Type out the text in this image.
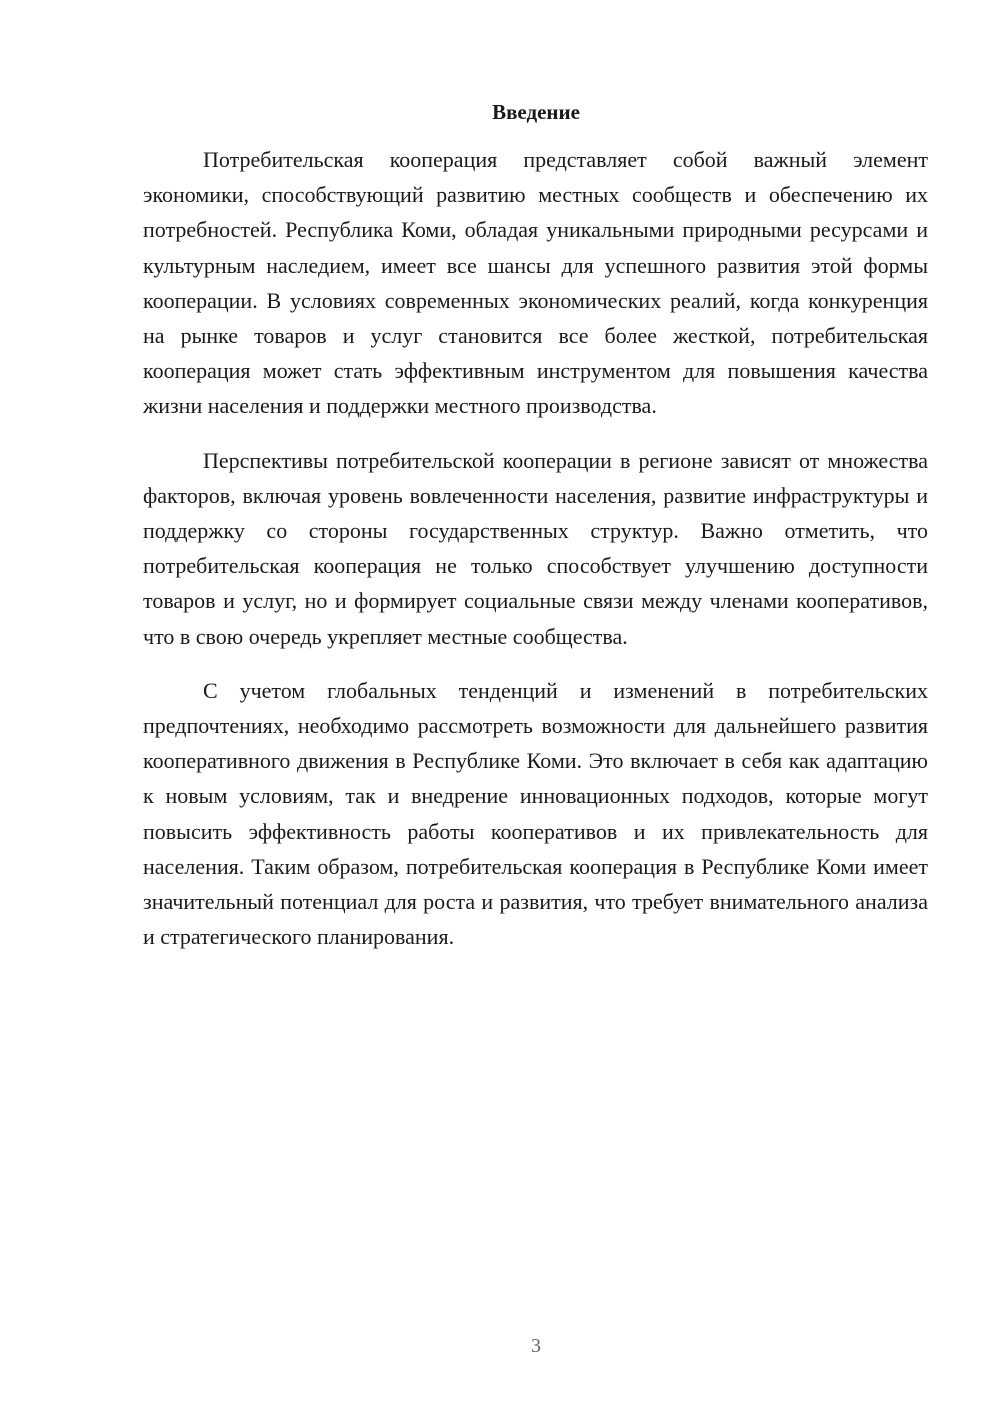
Введение

Потребительская кооперация представляет собой важный элемент экономики, способствующий развитию местных сообществ и обеспечению их потребностей. Республика Коми, обладая уникальными природными ресурсами и культурным наследием, имеет все шансы для успешного развития этой формы кооперации. В условиях современных экономических реалий, когда конкуренция на рынке товаров и услуг становится все более жесткой, потребительская кооперация может стать эффективным инструментом для повышения качества жизни населения и поддержки местного производства.

Перспективы потребительской кооперации в регионе зависят от множества факторов, включая уровень вовлеченности населения, развитие инфраструктуры и поддержку со стороны государственных структур. Важно отметить, что потребительская кооперация не только способствует улучшению доступности товаров и услуг, но и формирует социальные связи между членами кооперативов, что в свою очередь укрепляет местные сообщества.

С учетом глобальных тенденций и изменений в потребительских предпочтениях, необходимо рассмотреть возможности для дальнейшего развития кооперативного движения в Республике Коми. Это включает в себя как адаптацию к новым условиям, так и внедрение инновационных подходов, которые могут повысить эффективность работы кооперативов и их привлекательность для населения. Таким образом, потребительская кооперация в Республике Коми имеет значительный потенциал для роста и развития, что требует внимательного анализа и стратегического планирования.

3
